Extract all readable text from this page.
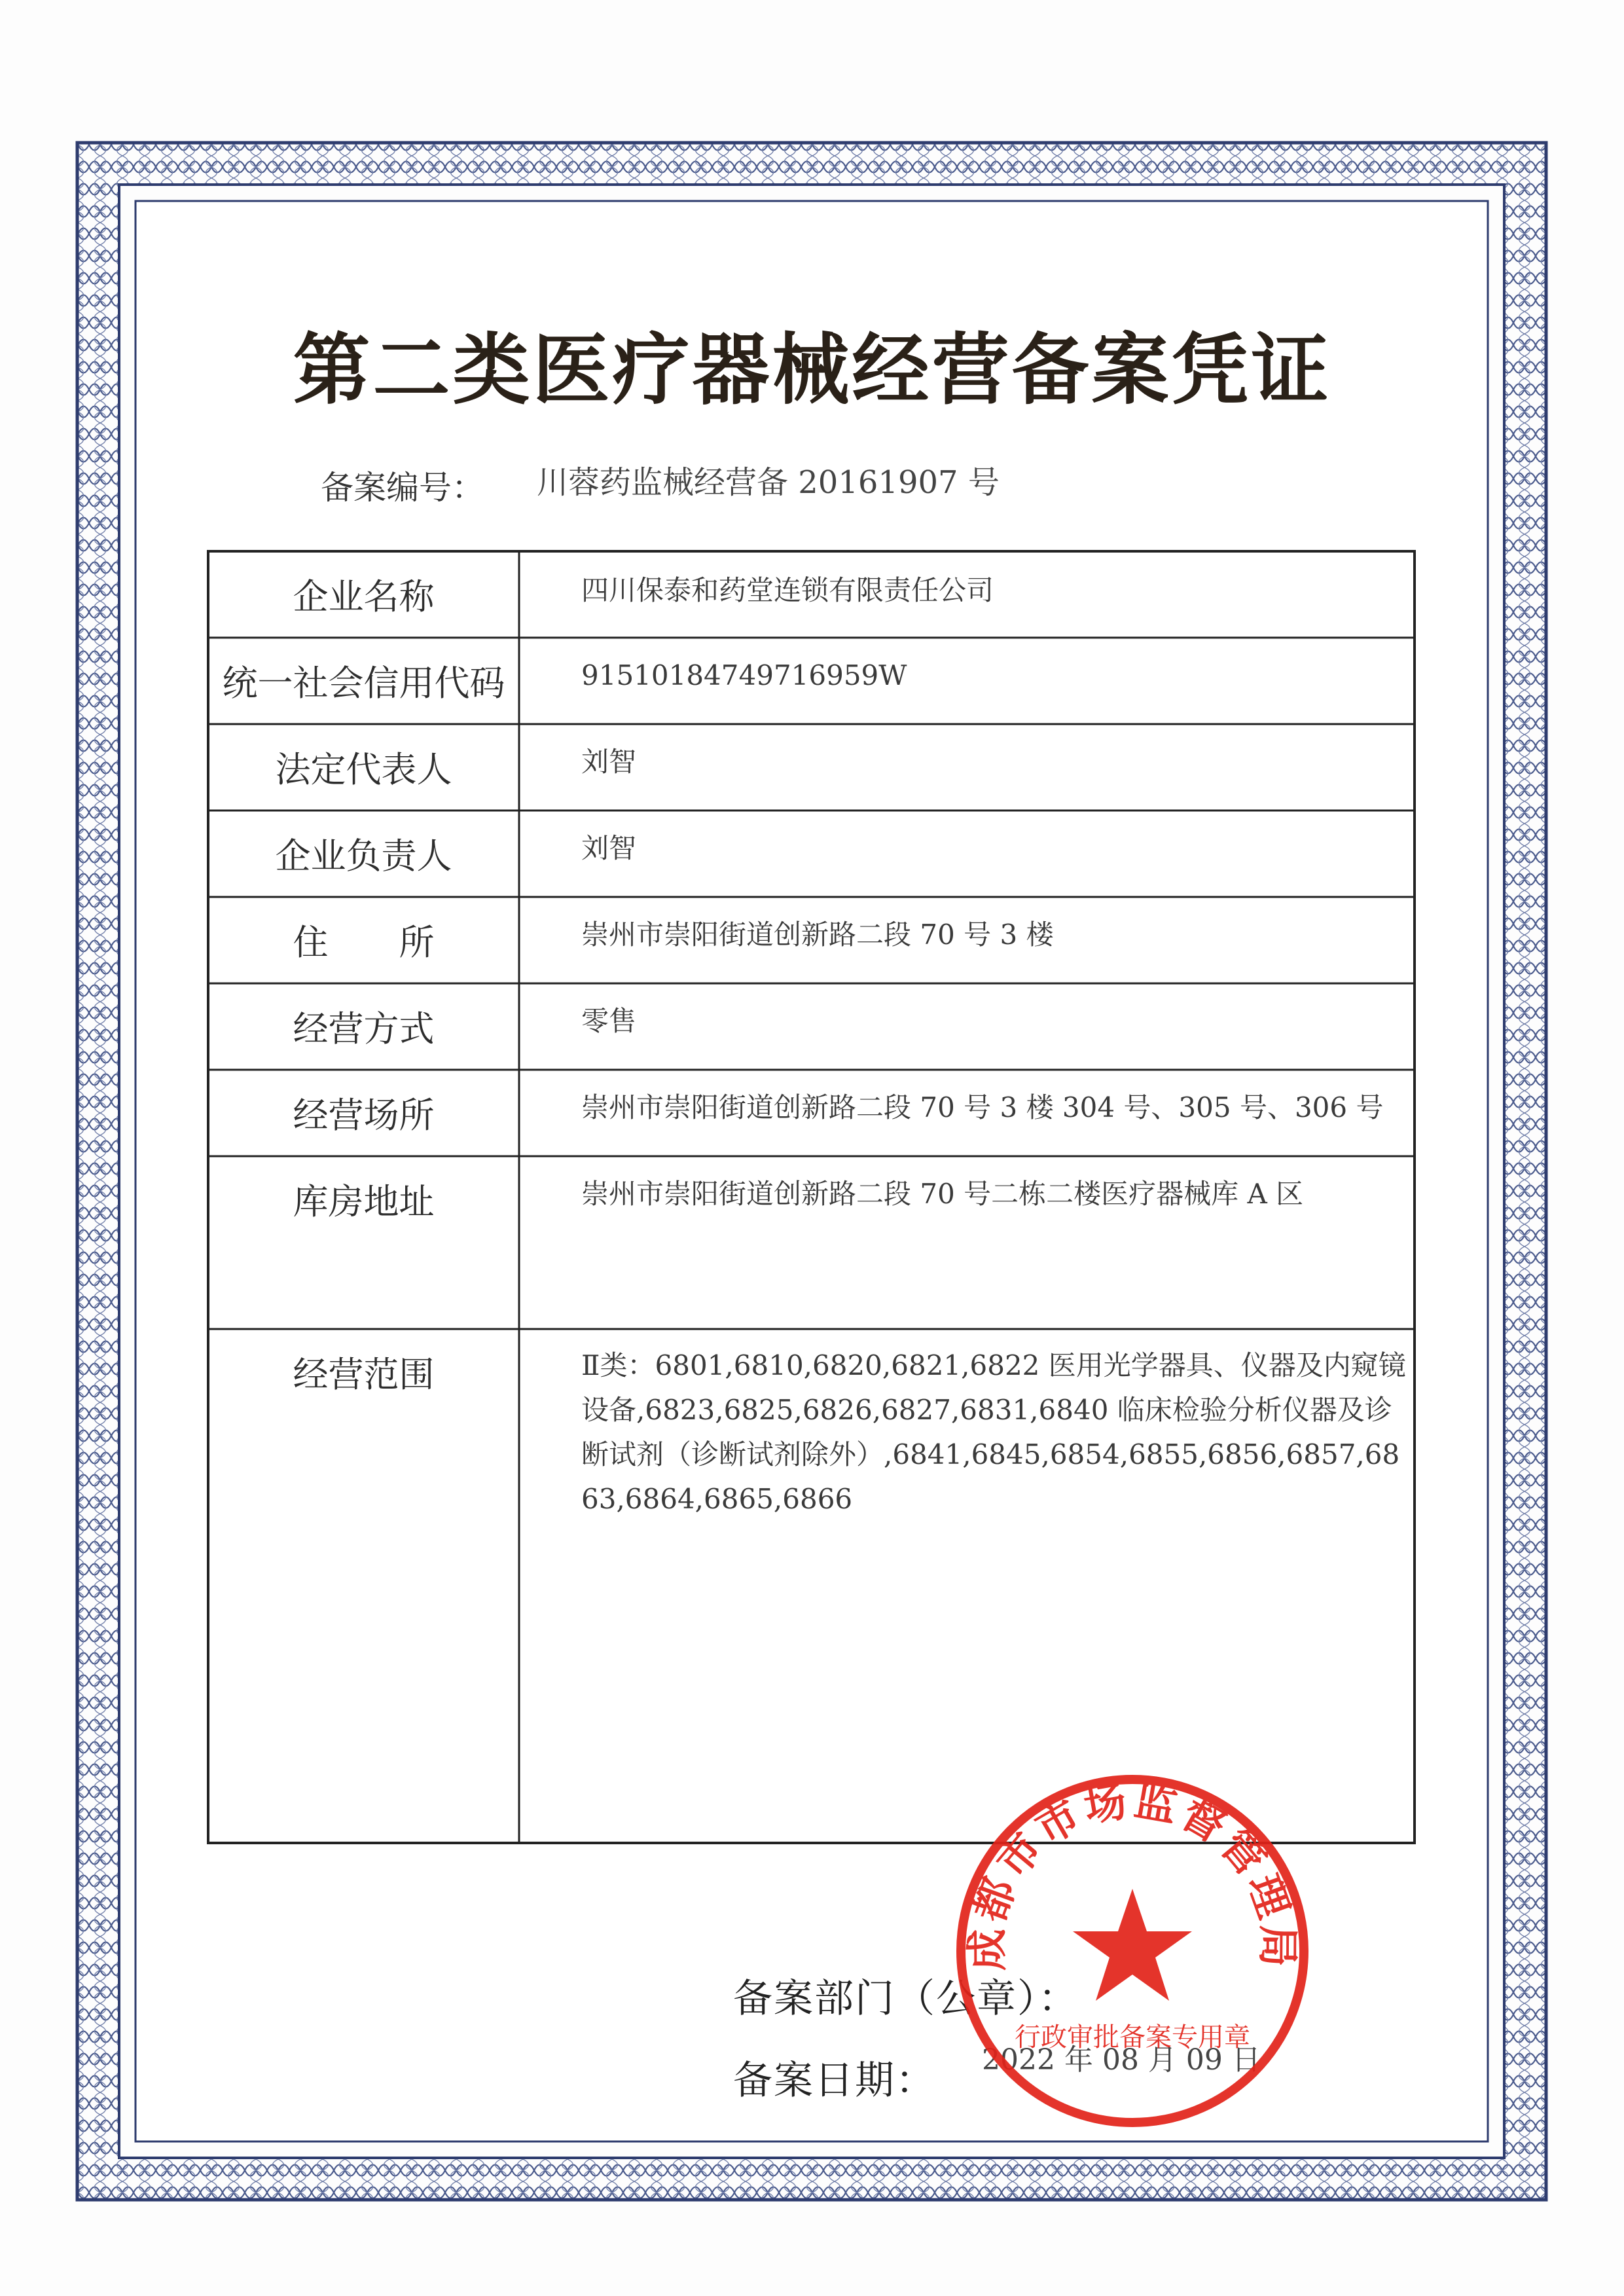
第二类医疗器械经营备案凭证
备案编号： 川蓉药监械经营备 20161907 号
企业名称	四川保泰和药堂连锁有限责任公司
统一社会信用代码	91510184749716959W
法定代表人	刘智
企业负责人	刘智
住　　所	崇州市崇阳街道创新路二段 70 号 3 楼
经营方式	零售
经营场所	崇州市崇阳街道创新路二段 70 号 3 楼 304 号、305 号、306 号
库房地址	崇州市崇阳街道创新路二段 70 号二栋二楼医疗器械库 A 区
经营范围	Ⅱ类：6801,6810,6820,6821,6822 医用光学器具、仪器及内窥镜设备,6823,6825,6826,6827,6831,6840 临床检验分析仪器及诊断试剂（诊断试剂除外）,6841,6845,6854,6855,6856,6857,6863,6864,6865,6866
备案部门（公章）：
备案日期： 2022 年 08 月 09 日
成都市市场监督管理局
行政审批备案专用章
